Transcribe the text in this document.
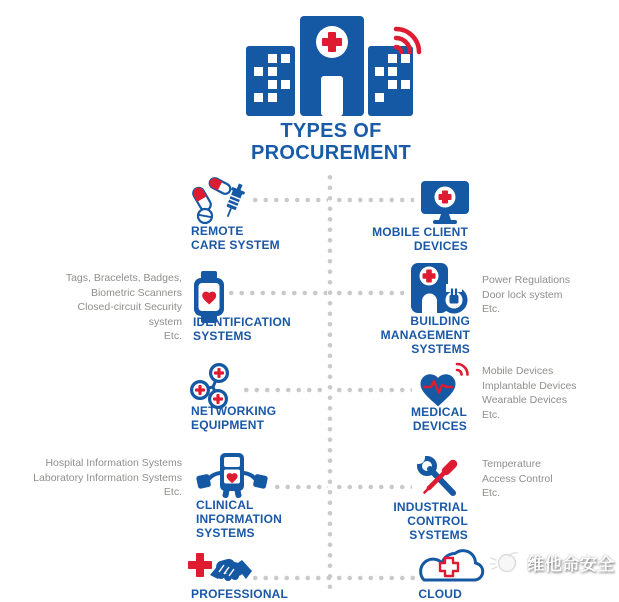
TYPES OF
PROCUREMENT
REMOTE
CARE SYSTEM
MOBILE CLIENT
DEVICES
Tags, Bracelets, Badges,
Biometric Scanners
Closed-circuit Security
system
Etc.
IDENTIFICATION
SYSTEMS
BUILDING
MANAGEMENT
SYSTEMS
Power Regulations
Door lock system
Etc.
NETWORKING
EQUIPMENT
MEDICAL
DEVICES
Mobile Devices
Implantable Devices
Wearable Devices
Etc.
Hospital Information Systems
Laboratory Information Systems
Etc.
CLINICAL
INFORMATION
SYSTEMS
INDUSTRIAL
CONTROL
SYSTEMS
Temperature
Access Control
Etc.
PROFESSIONAL	CLOUD
维他命安全
